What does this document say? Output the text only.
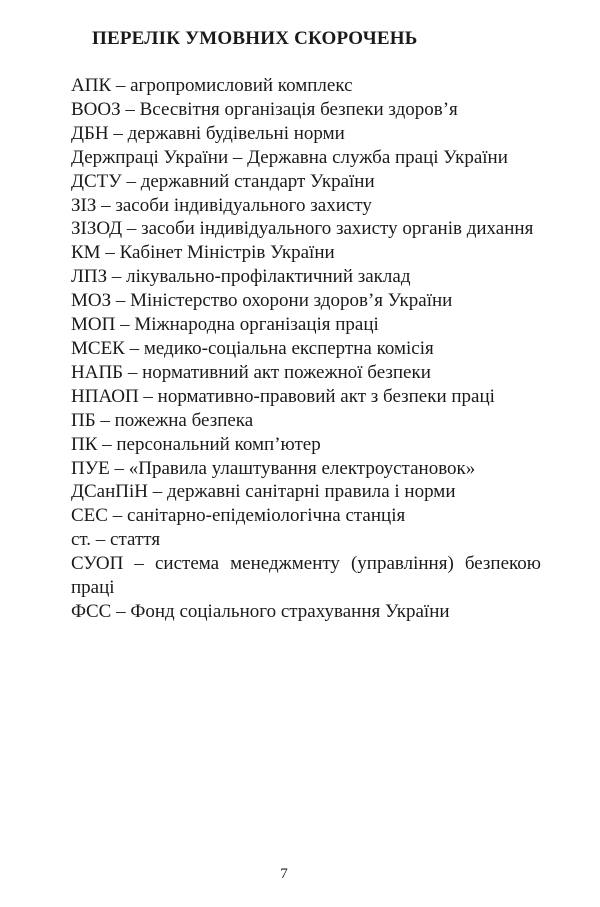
ПЕРЕЛІК УМОВНИХ СКОРОЧЕНЬ
АПК – агропромисловий комплекс
ВООЗ – Всесвітня організація безпеки здоров’я
ДБН – державні будівельні норми
Держпраці України – Державна служба праці України
ДСТУ – державний стандарт України
ЗІЗ – засоби індивідуального захисту
ЗІЗОД – засоби індивідуального захисту органів дихання
КМ – Кабінет Міністрів України
ЛПЗ – лікувально-профілактичний заклад
МОЗ – Міністерство охорони здоров’я України
МОП – Міжнародна організація праці
МСЕК – медико-соціальна експертна комісія
НАПБ – нормативний акт пожежної безпеки
НПАОП – нормативно-правовий акт з безпеки праці
ПБ – пожежна безпека
ПК – персональний комп’ютер
ПУЕ – «Правила улаштування електроустановок»
ДСанПіН – державні санітарні правила і норми
СЕС – санітарно-епідеміологічна станція
ст. – стаття
СУОП – система менеджменту (управління) безпекою праці
ФСС – Фонд соціального страхування України
7
